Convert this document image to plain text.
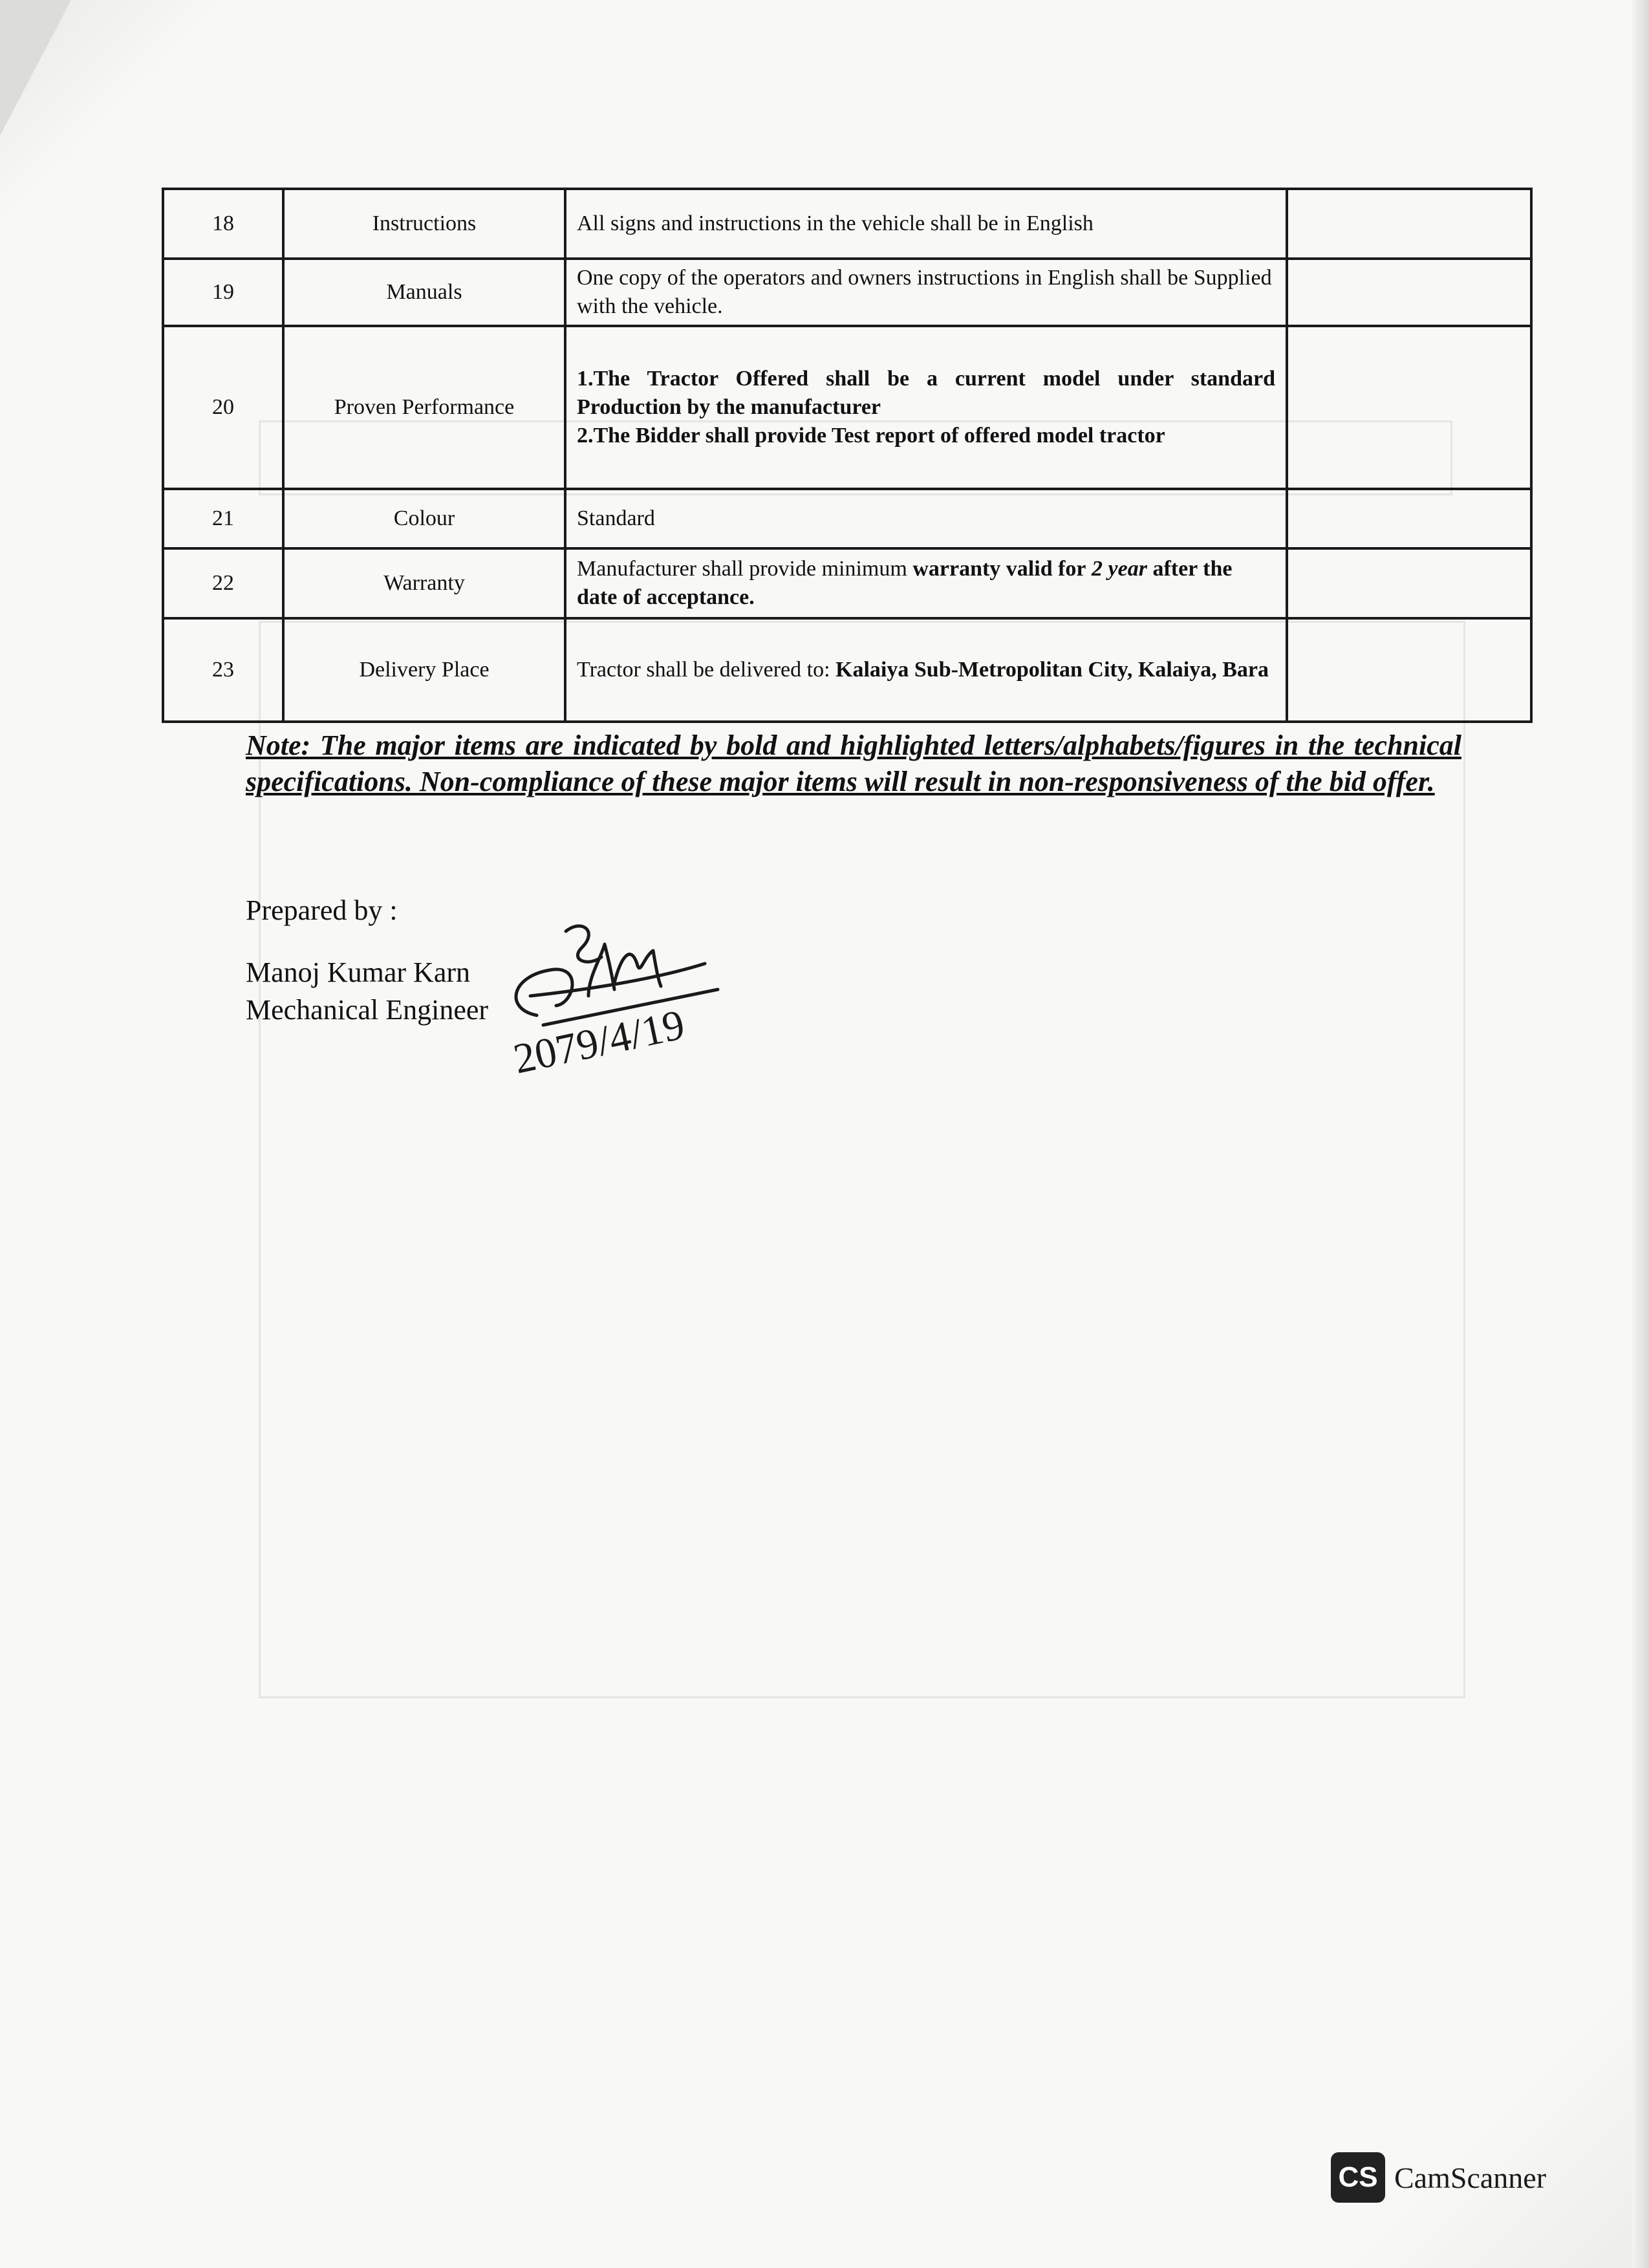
18	Instructions	All signs and instructions in the vehicle shall be in English	
19	Manuals	One copy of the operators and owners instructions in English shall be Supplied with the vehicle.	
20	Proven Performance	1.The Tractor Offered shall be a current model under standard Production by the manufacturer
2.The Bidder shall provide Test report of offered model tractor	

21	Colour	Standard	
22	Warranty	Manufacturer shall provide minimum warranty valid for 2 year after the date of acceptance.	
23	Delivery Place	Tractor shall be delivered to: Kalaiya Sub-Metropolitan City, Kalaiya, Bara	
Note: The major items are indicated by bold and highlighted letters/alphabets/figures in the technical specifications. Non-compliance of these major items will result in non-responsiveness of the bid offer.
Prepared by :
Manoj Kumar Karn
Mechanical Engineer 2079/4/19
CS CamScanner
